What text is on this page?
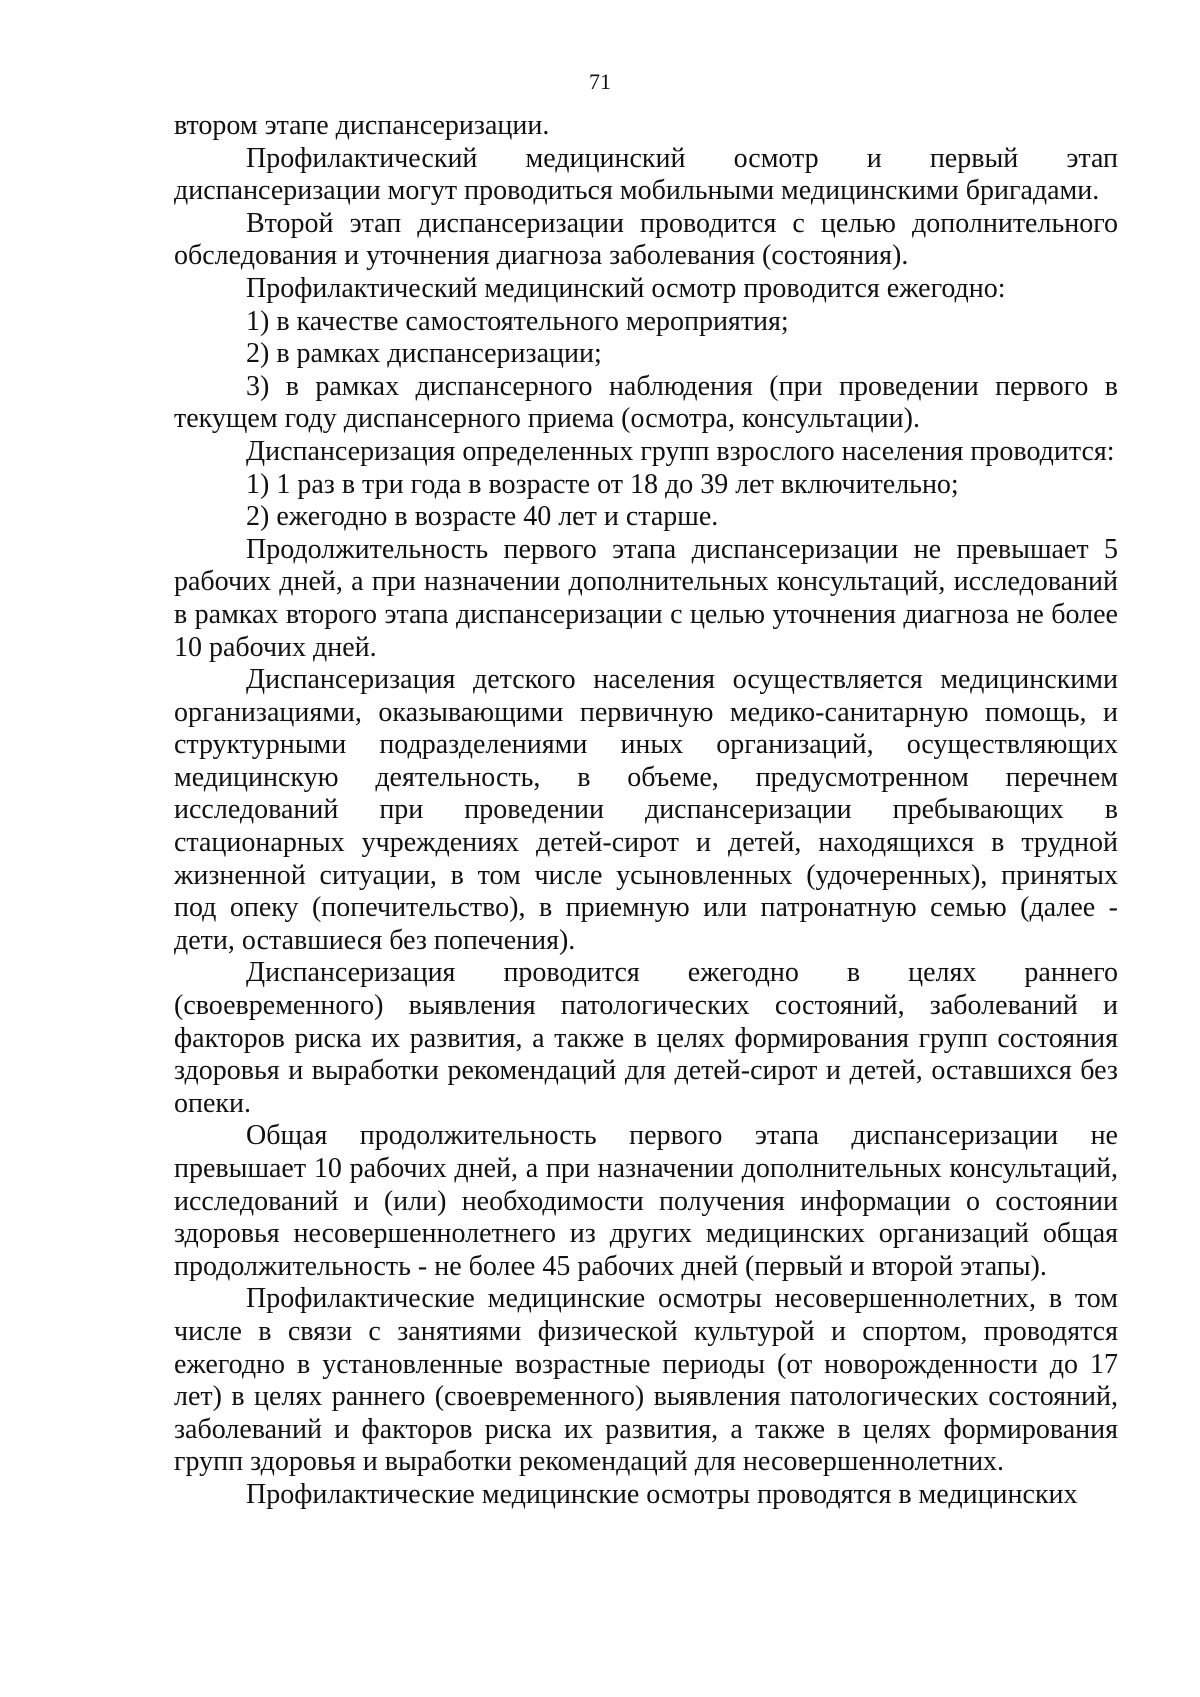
71

втором этапе диспансеризации.

Профилактический медицинский осмотр и первый этап диспансеризации могут проводиться мобильными медицинскими бригадами.

Второй этап диспансеризации проводится с целью дополнительного обследования и уточнения диагноза заболевания (состояния).

Профилактический медицинский осмотр проводится ежегодно:

1) в качестве самостоятельного мероприятия;

2) в рамках диспансеризации;

3) в рамках диспансерного наблюдения (при проведении первого в текущем году диспансерного приема (осмотра, консультации).

Диспансеризация определенных групп взрослого населения проводится:

1) 1 раз в три года в возрасте от 18 до 39 лет включительно;

2) ежегодно в возрасте 40 лет и старше.

Продолжительность первого этапа диспансеризации не превышает 5 рабочих дней, а при назначении дополнительных консультаций, исследований в рамках второго этапа диспансеризации с целью уточнения диагноза не более 10 рабочих дней.

Диспансеризация детского населения осуществляется медицинскими организациями, оказывающими первичную медико-санитарную помощь, и структурными подразделениями иных организаций, осуществляющих медицинскую деятельность, в объеме, предусмотренном перечнем исследований при проведении диспансеризации пребывающих в стационарных учреждениях детей-сирот и детей, находящихся в трудной жизненной ситуации, в том числе усыновленных (удочеренных), принятых под опеку (попечительство), в приемную или патронатную семью (далее - дети, оставшиеся без попечения).

Диспансеризация проводится ежегодно в целях раннего (своевременного) выявления патологических состояний, заболеваний и факторов риска их развития, а также в целях формирования групп состояния здоровья и выработки рекомендаций для детей-сирот и детей, оставшихся без опеки.

Общая продолжительность первого этапа диспансеризации не превышает 10 рабочих дней, а при назначении дополнительных консультаций, исследований и (или) необходимости получения информации о состоянии здоровья несовершеннолетнего из других медицинских организаций общая продолжительность - не более 45 рабочих дней (первый и второй этапы).

Профилактические медицинские осмотры несовершеннолетних, в том числе в связи с занятиями физической культурой и спортом, проводятся ежегодно в установленные возрастные периоды (от новорожденности до 17 лет) в целях раннего (своевременного) выявления патологических состояний, заболеваний и факторов риска их развития, а также в целях формирования групп здоровья и выработки рекомендаций для несовершеннолетних.

Профилактические медицинские осмотры проводятся в медицинских
